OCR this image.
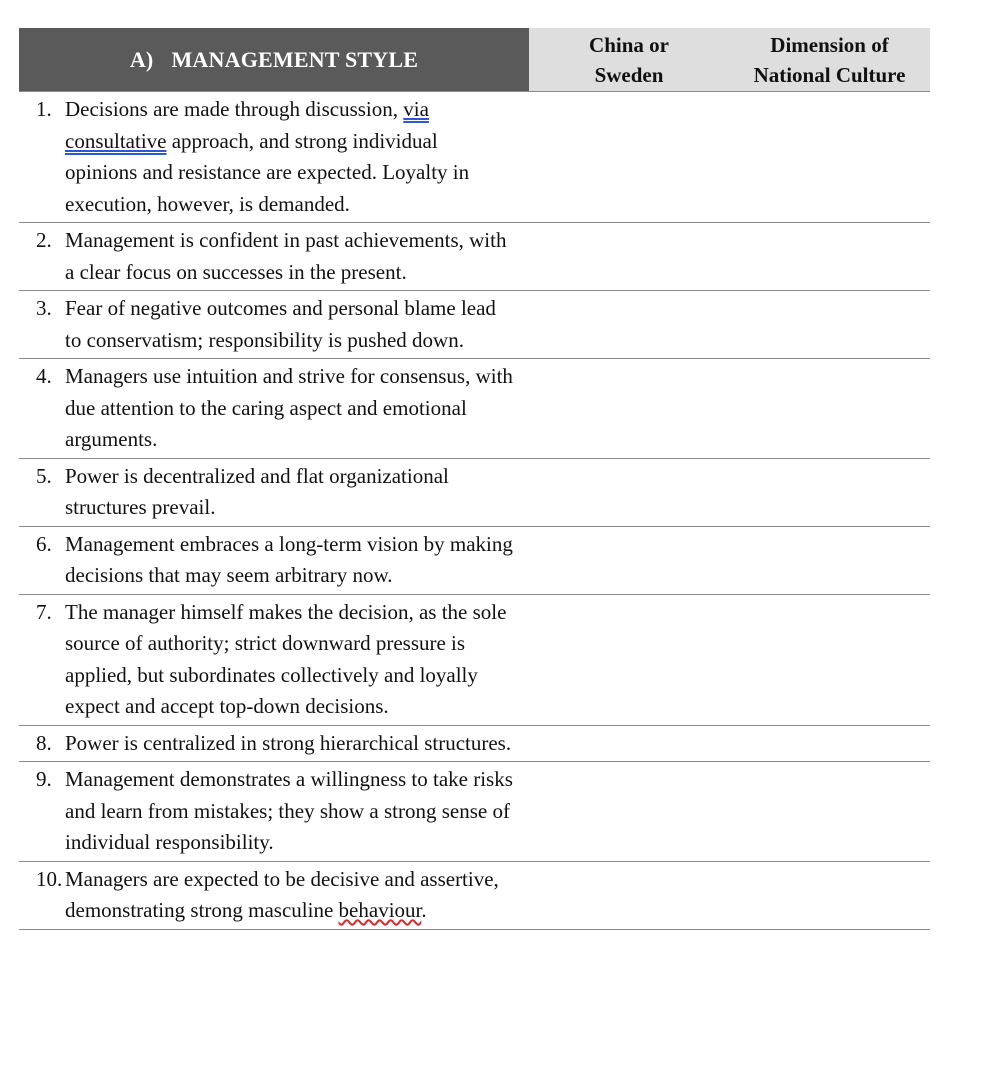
A) MANAGEMENT STYLE
China or
Sweden
Dimension of
National Culture
1. Decisions are made through discussion, via consultative approach, and strong individual opinions and resistance are expected. Loyalty in execution, however, is demanded.
2. Management is confident in past achievements, with a clear focus on successes in the present.
3. Fear of negative outcomes and personal blame lead to conservatism; responsibility is pushed down.
4. Managers use intuition and strive for consensus, with due attention to the caring aspect and emotional arguments.
5. Power is decentralized and flat organizational structures prevail.
6. Management embraces a long-term vision by making decisions that may seem arbitrary now.
7. The manager himself makes the decision, as the sole source of authority; strict downward pressure is applied, but subordinates collectively and loyally expect and accept top-down decisions.
8. Power is centralized in strong hierarchical structures.
9. Management demonstrates a willingness to take risks and learn from mistakes; they show a strong sense of individual responsibility.
10. Managers are expected to be decisive and assertive, demonstrating strong masculine behaviour.
